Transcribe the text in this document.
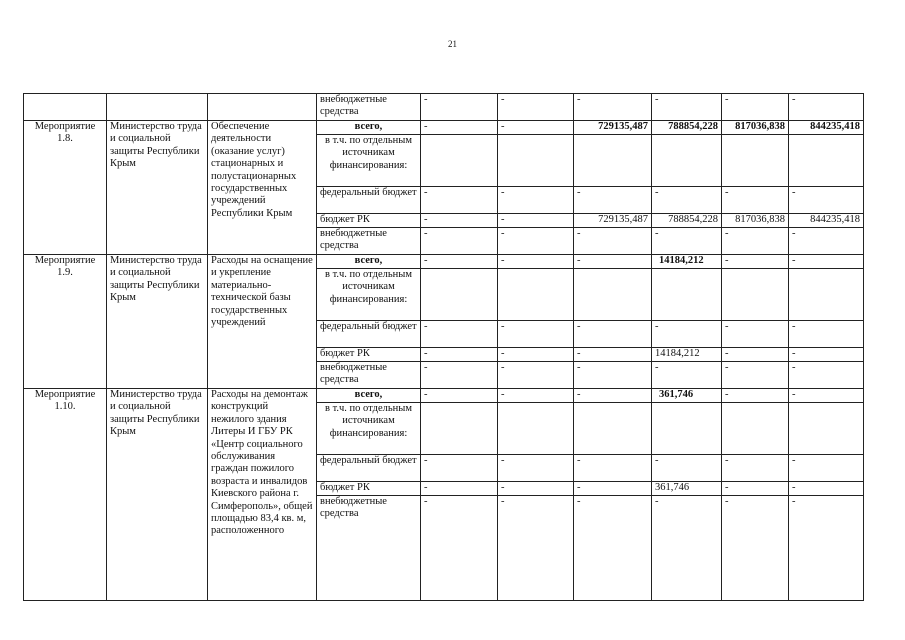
21
			внебюджетные средства	-	-	-	-	-	-
Мероприятие 1.8.	Министерство труда и социальной защиты Республики Крым	Обеспечение деятельности (оказание услуг) стационарных и полустационарных государственных учреждений Республики Крым	всего,	-	-	729135,487	788854,228	817036,838	844235,418
			в т.ч. по отдельным источникам финансирования:						
			федеральный бюджет	-	-	-	-	-	-
			бюджет РК	-	-	729135,487	788854,228	817036,838	844235,418
			внебюджетные средства	-	-	-	-	-	-
Мероприятие 1.9.	Министерство труда и социальной защиты Республики Крым	Расходы на оснащение и укрепление материально-технической базы государственных учреждений	всего,	-	-	-	14184,212	-	-
			в т.ч. по отдельным источникам финансирования:						
			федеральный бюджет	-	-	-	-	-	-
			бюджет РК	-	-	-	14184,212	-	-
			внебюджетные средства	-	-	-	-	-	-
Мероприятие 1.10.	Министерство труда и социальной защиты Республики Крым	Расходы на демонтаж конструкций нежилого здания Литеры И ГБУ РК «Центр социального обслуживания граждан пожилого возраста и инвалидов Киевского района г. Симферополь», общей площадью 83,4 кв. м, расположенного	всего,	-	-	-	361,746	-	-
			в т.ч. по отдельным источникам финансирования:						
			федеральный бюджет	-	-	-	-	-	-
			бюджет РК	-	-	-	361,746	-	-
			внебюджетные средства	-	-	-	-	-	-
